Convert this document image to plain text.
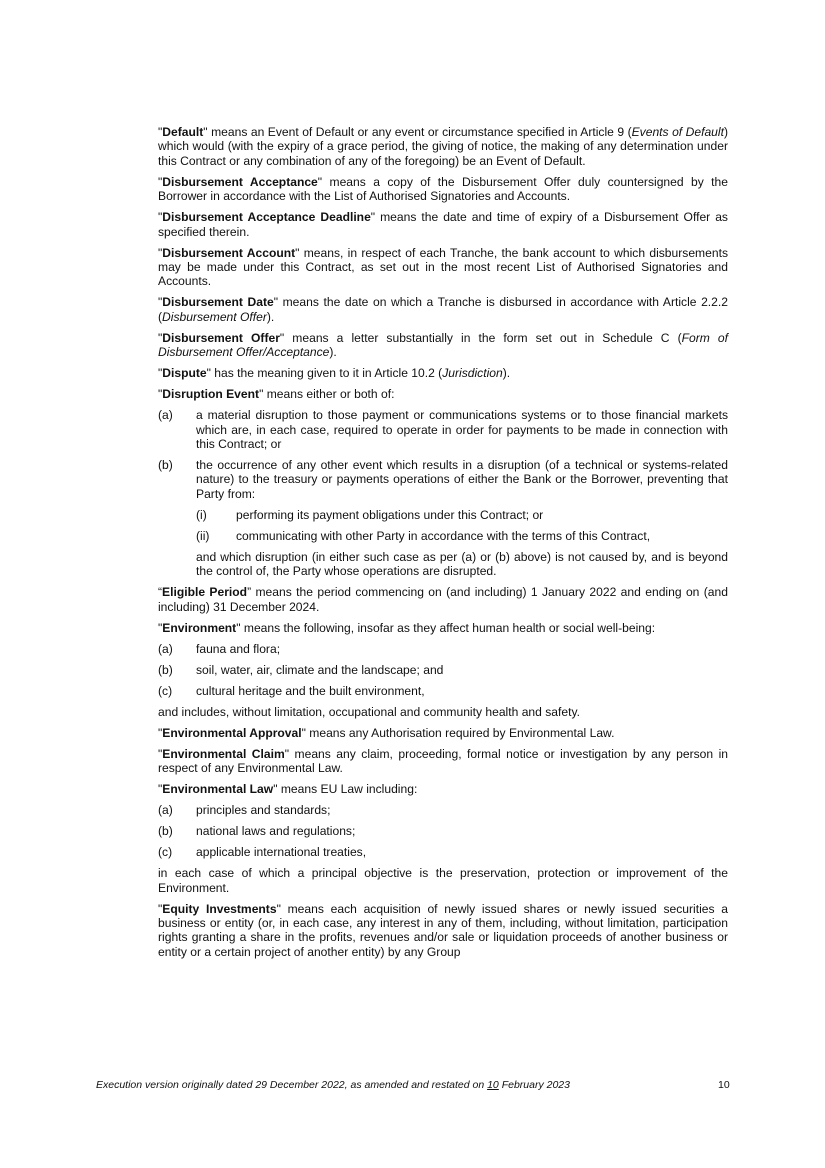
"Default" means an Event of Default or any event or circumstance specified in Article 9 (Events of Default) which would (with the expiry of a grace period, the giving of notice, the making of any determination under this Contract or any combination of any of the foregoing) be an Event of Default.

"Disbursement Acceptance" means a copy of the Disbursement Offer duly countersigned by the Borrower in accordance with the List of Authorised Signatories and Accounts.

"Disbursement Acceptance Deadline" means the date and time of expiry of a Disbursement Offer as specified therein.

"Disbursement Account" means, in respect of each Tranche, the bank account to which disbursements may be made under this Contract, as set out in the most recent List of Authorised Signatories and Accounts.

"Disbursement Date" means the date on which a Tranche is disbursed in accordance with Article 2.2.2 (Disbursement Offer).

"Disbursement Offer" means a letter substantially in the form set out in Schedule C (Form of Disbursement Offer/Acceptance).

"Dispute" has the meaning given to it in Article 10.2 (Jurisdiction).

"Disruption Event" means either or both of:

(a) a material disruption to those payment or communications systems or to those financial markets which are, in each case, required to operate in order for payments to be made in connection with this Contract; or
(b) the occurrence of any other event which results in a disruption (of a technical or systems-related nature) to the treasury or payments operations of either the Bank or the Borrower, preventing that Party from:
(i) performing its payment obligations under this Contract; or
(ii) communicating with other Party in accordance with the terms of this Contract,

and which disruption (in either such case as per (a) or (b) above) is not caused by, and is beyond the control of, the Party whose operations are disrupted.

“Eligible Period” means the period commencing on (and including) 1 January 2022 and ending on (and including) 31 December 2024.

"Environment" means the following, insofar as they affect human health or social well-being:

(a) fauna and flora;
(b) soil, water, air, climate and the landscape; and
(c) cultural heritage and the built environment,

and includes, without limitation, occupational and community health and safety.

"Environmental Approval" means any Authorisation required by Environmental Law.

"Environmental Claim" means any claim, proceeding, formal notice or investigation by any person in respect of any Environmental Law.

"Environmental Law" means EU Law including:

(a) principles and standards;
(b) national laws and regulations;
(c) applicable international treaties,

in each case of which a principal objective is the preservation, protection or improvement of the Environment.

"Equity Investments" means each acquisition of newly issued shares or newly issued securities a business or entity (or, in each case, any interest in any of them, including, without limitation, participation rights granting a share in the profits, revenues and/or sale or liquidation proceeds of another business or entity or a certain project of another entity) by any Group

Execution version originally dated 29 December 2022, as amended and restated on 10 February 2023	10
